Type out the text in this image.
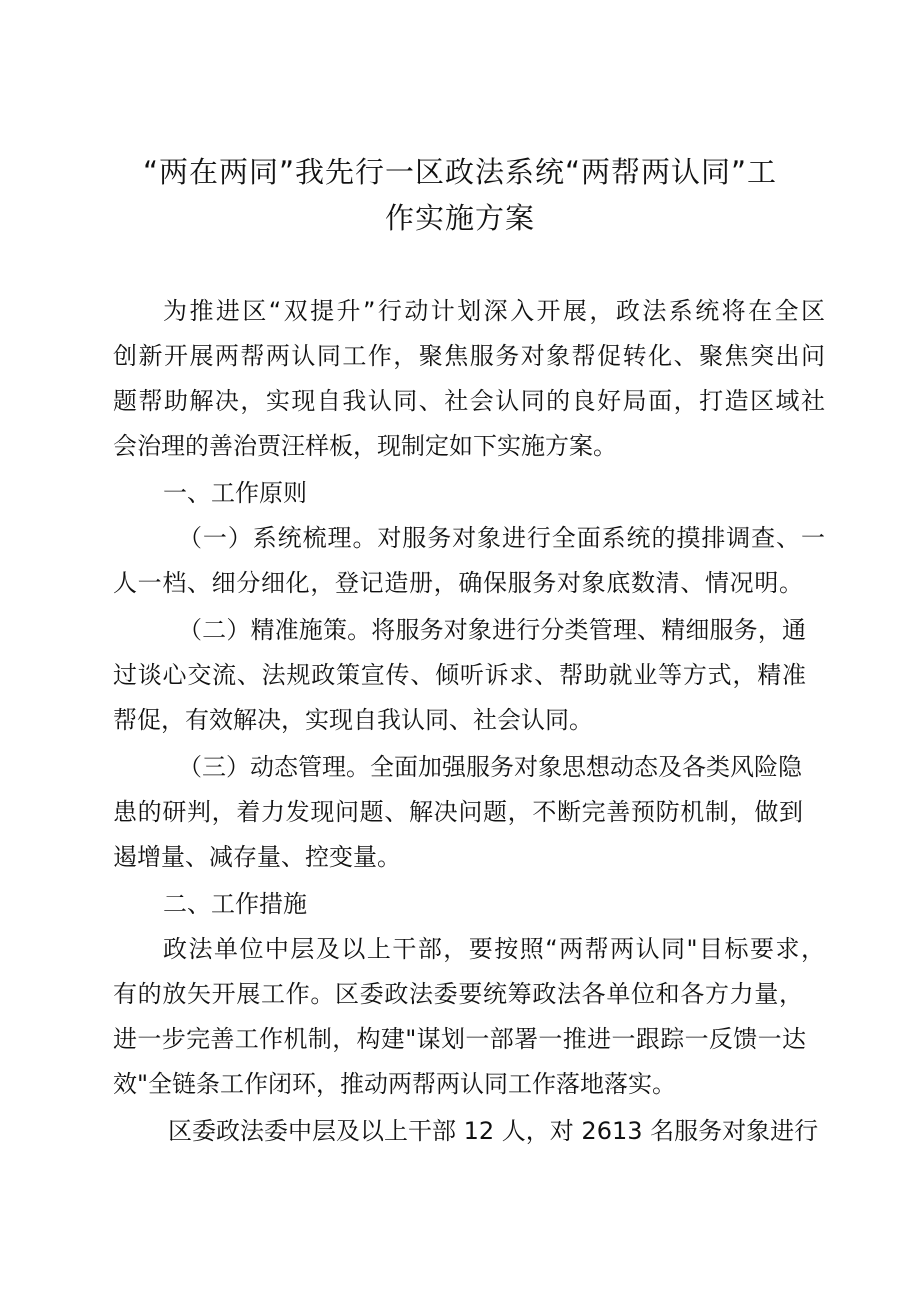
“两在两同”我先行一区政法系统“两帮两认同”工
作实施方案
为推进区“双提升”行动计划深入开展，政法系统将在全区
创新开展两帮两认同工作，聚焦服务对象帮促转化、聚焦突出问
题帮助解决，实现自我认同、社会认同的良好局面，打造区域社
会治理的善治贾汪样板，现制定如下实施方案。
一、工作原则
（一）系统梳理。对服务对象进行全面系统的摸排调查、一
人一档、细分细化，登记造册，确保服务对象底数清、情况明。
（二）精准施策。将服务对象进行分类管理、精细服务，通
过谈心交流、法规政策宣传、倾听诉求、帮助就业等方式，精准
帮促，有效解决，实现自我认同、社会认同。
（三）动态管理。全面加强服务对象思想动态及各类风险隐
患的研判，着力发现问题、解决问题，不断完善预防机制，做到
遏增量、减存量、控变量。
二、工作措施
政法单位中层及以上干部，要按照“两帮两认同"目标要求，
有的放矢开展工作。区委政法委要统筹政法各单位和各方力量，
进一步完善工作机制，构建"谋划一部署一推进一跟踪一反馈一达
效"全链条工作闭环，推动两帮两认同工作落地落实。
区委政法委中层及以上干部 12 人，对 2613 名服务对象进行
